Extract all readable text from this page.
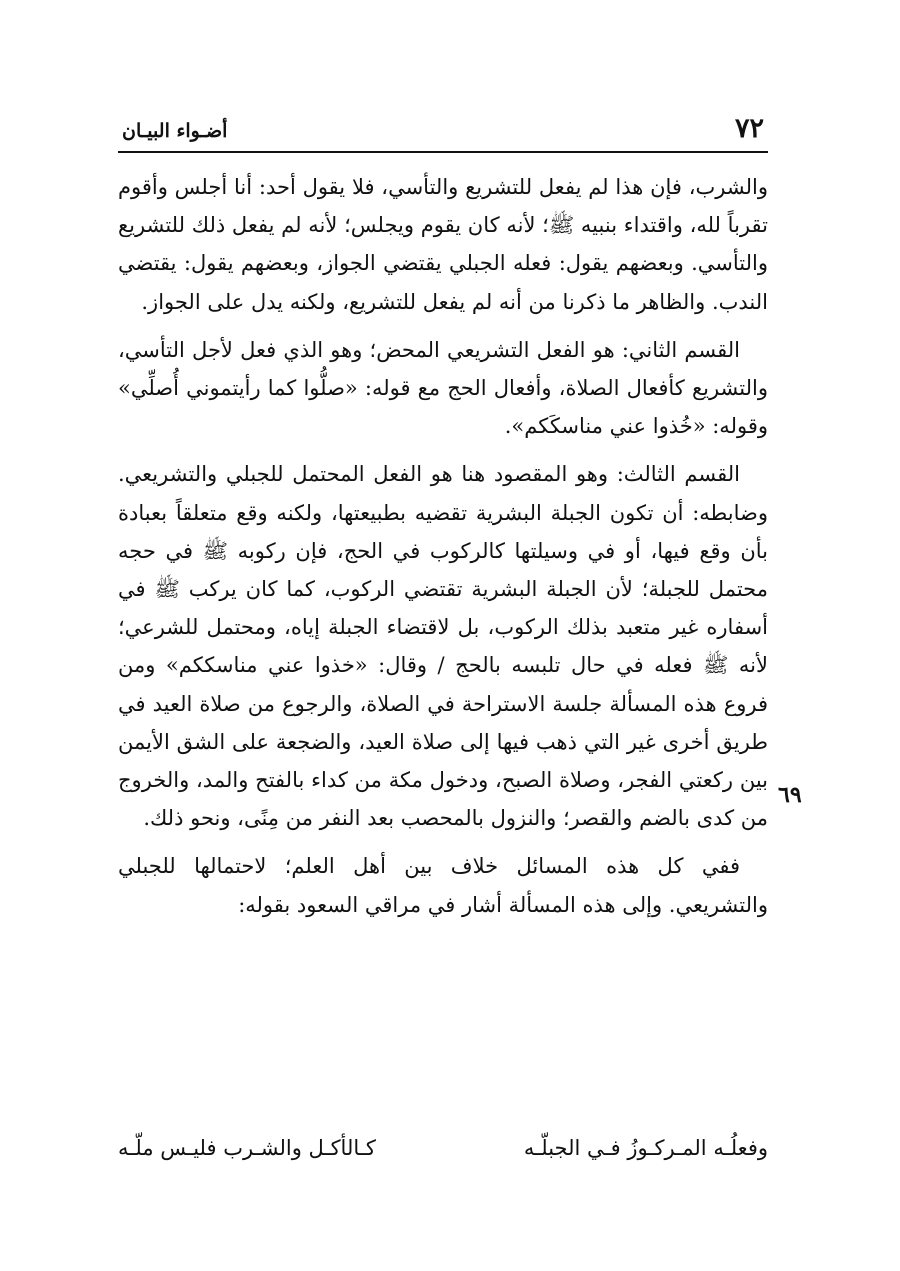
٧٢
أضـواء البيـان

والشرب، فإن هذا لم يفعل للتشريع والتأسي، فلا يقول أحد: أنا أجلس وأقوم تقرباً لله، واقتداء بنبيه ﷺ؛ لأنه كان يقوم ويجلس؛ لأنه لم يفعل ذلك للتشريع والتأسي. وبعضهم يقول: فعله الجبلي يقتضي الجواز، وبعضهم يقول: يقتضي الندب. والظاهر ما ذكرنا من أنه لم يفعل للتشريع، ولكنه يدل على الجواز.

القسم الثاني: هو الفعل التشريعي المحض؛ وهو الذي فعل لأجل التأسي، والتشريع كأفعال الصلاة، وأفعال الحج مع قوله: «صلُّوا كما رأيتموني أُصلِّي» وقوله: «خُذوا عني مناسكَكم».

القسم الثالث: وهو المقصود هنا هو الفعل المحتمل للجبلي والتشريعي. وضابطه: أن تكون الجبلة البشرية تقضيه بطبيعتها، ولكنه وقع متعلقاً بعبادة بأن وقع فيها، أو في وسيلتها كالركوب في الحج، فإن ركوبه ﷺ في حجه محتمل للجبلة؛ لأن الجبلة البشرية تقتضي الركوب، كما كان يركب ﷺ في أسفاره غير متعبد بذلك الركوب، بل لاقتضاء الجبلة إياه، ومحتمل للشرعي؛ لأنه ﷺ فعله في حال تلبسه بالحج / وقال: «خذوا عني مناسككم» ومن فروع هذه المسألة جلسة الاستراحة في الصلاة، والرجوع من صلاة العيد في طريق أخرى غير التي ذهب فيها إلى صلاة العيد، والضجعة على الشق الأيمن بين ركعتي الفجر، وصلاة الصبح، ودخول مكة من كداء بالفتح والمد، والخروج من كدى بالضم والقصر؛ والنزول بالمحصب بعد النفر من مِنًى، ونحو ذلك.

ففي كل هذه المسائل خلاف بين أهل العلم؛ لاحتمالها للجبلي والتشريعي. وإلى هذه المسألة أشار في مراقي السعود بقوله:

٦٩
وفعلُـه المـركـوزُ فـي الجبلّـه
كـالأكـل والشـرب فليـس ملّـه
